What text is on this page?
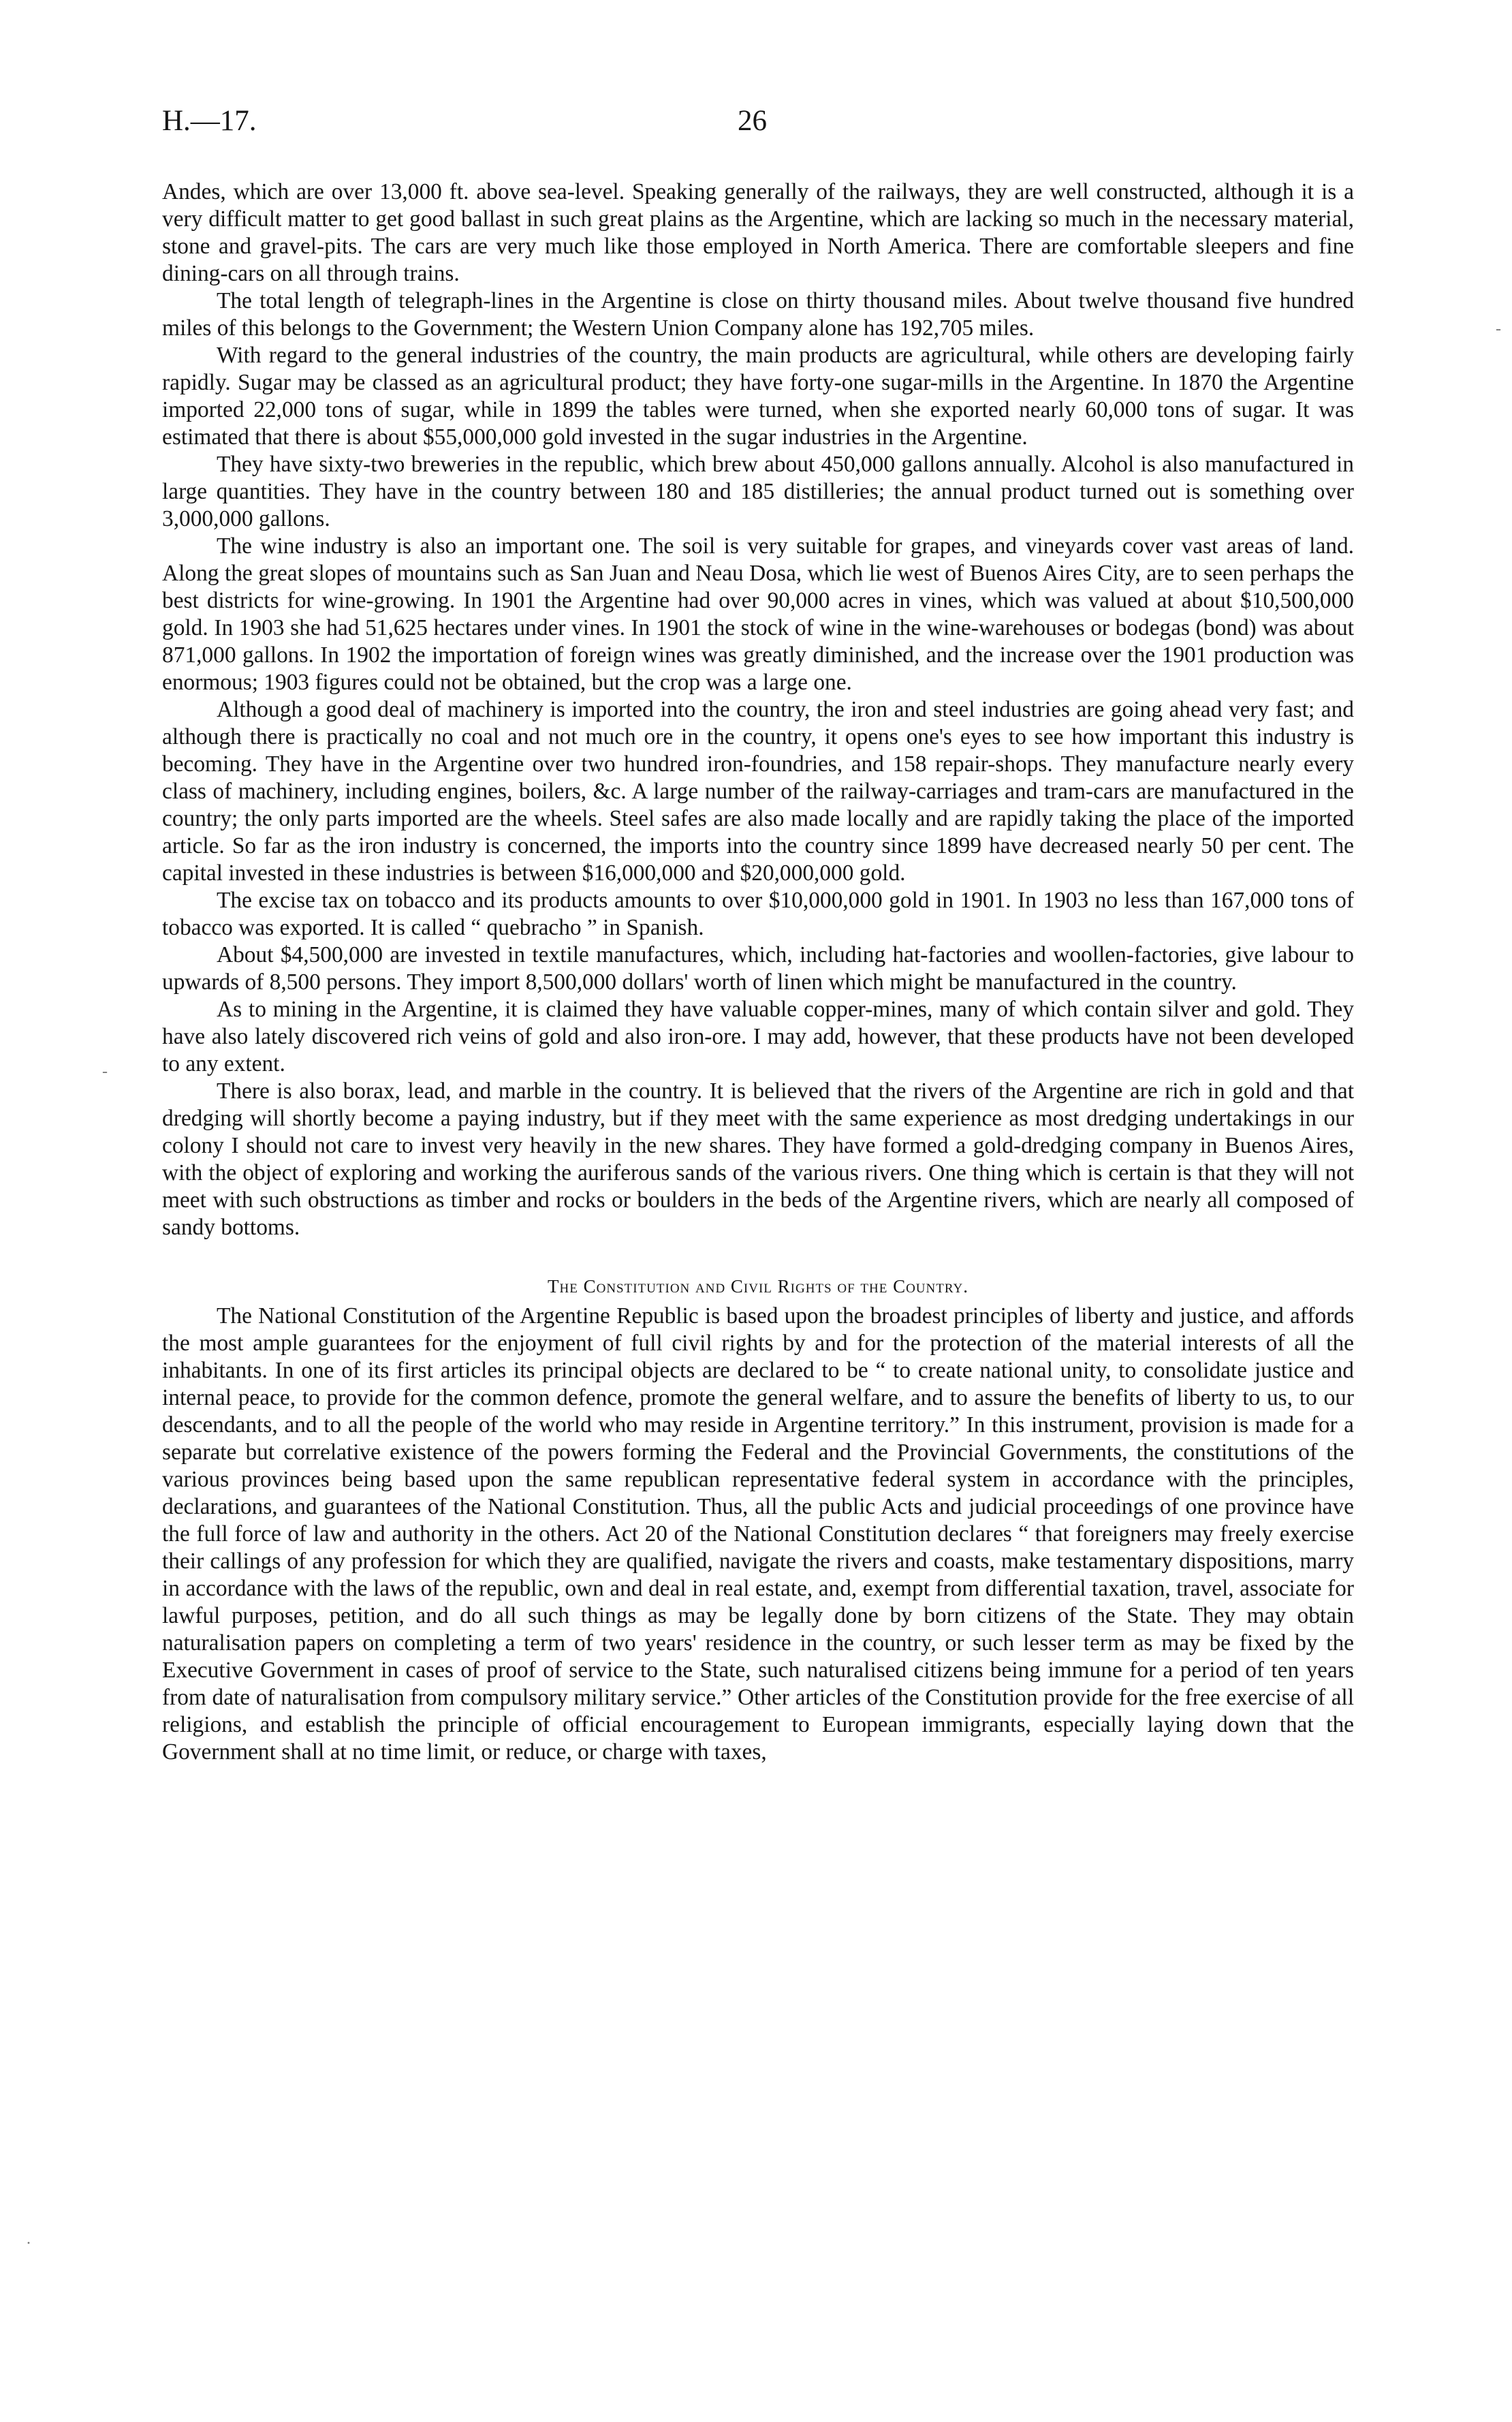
H.—17.	26

Andes, which are over 13,000 ft. above sea-level. Speaking generally of the railways, they are well constructed, although it is a very difficult matter to get good ballast in such great plains as the Argentine, which are lacking so much in the necessary material, stone and gravel-pits. The cars are very much like those employed in North America. There are comfortable sleepers and fine dining-cars on all through trains.

The total length of telegraph-lines in the Argentine is close on thirty thousand miles. About twelve thousand five hundred miles of this belongs to the Government; the Western Union Company alone has 192,705 miles.

With regard to the general industries of the country, the main products are agricultural, while others are developing fairly rapidly. Sugar may be classed as an agricultural product; they have forty-one sugar-mills in the Argentine. In 1870 the Argentine imported 22,000 tons of sugar, while in 1899 the tables were turned, when she exported nearly 60,000 tons of sugar. It was estimated that there is about $55,000,000 gold invested in the sugar industries in the Argentine.

They have sixty-two breweries in the republic, which brew about 450,000 gallons annually. Alcohol is also manufactured in large quantities. They have in the country between 180 and 185 distilleries; the annual product turned out is something over 3,000,000 gallons.

The wine industry is also an important one. The soil is very suitable for grapes, and vineyards cover vast areas of land. Along the great slopes of mountains such as San Juan and Neau Dosa, which lie west of Buenos Aires City, are to seen perhaps the best districts for wine-growing. In 1901 the Argentine had over 90,000 acres in vines, which was valued at about $10,500,000 gold. In 1903 she had 51,625 hectares under vines. In 1901 the stock of wine in the wine-warehouses or bodegas (bond) was about 871,000 gallons. In 1902 the importation of foreign wines was greatly diminished, and the increase over the 1901 production was enormous; 1903 figures could not be obtained, but the crop was a large one.

Although a good deal of machinery is imported into the country, the iron and steel industries are going ahead very fast; and although there is practically no coal and not much ore in the country, it opens one's eyes to see how important this industry is becoming. They have in the Argentine over two hundred iron-foundries, and 158 repair-shops. They manufacture nearly every class of machinery, including engines, boilers, &c. A large number of the railway-carriages and tram-cars are manufactured in the country; the only parts imported are the wheels. Steel safes are also made locally and are rapidly taking the place of the imported article. So far as the iron industry is concerned, the imports into the country since 1899 have decreased nearly 50 per cent. The capital invested in these industries is between $16,000,000 and $20,000,000 gold.

The excise tax on tobacco and its products amounts to over $10,000,000 gold in 1901. In 1903 no less than 167,000 tons of tobacco was exported. It is called “ quebracho ” in Spanish.

About $4,500,000 are invested in textile manufactures, which, including hat-factories and woollen-factories, give labour to upwards of 8,500 persons. They import 8,500,000 dollars' worth of linen which might be manufactured in the country.

As to mining in the Argentine, it is claimed they have valuable copper-mines, many of which contain silver and gold. They have also lately discovered rich veins of gold and also iron-ore. I may add, however, that these products have not been developed to any extent.

There is also borax, lead, and marble in the country. It is believed that the rivers of the Argentine are rich in gold and that dredging will shortly become a paying industry, but if they meet with the same experience as most dredging undertakings in our colony I should not care to invest very heavily in the new shares. They have formed a gold-dredging company in Buenos Aires, with the object of exploring and working the auriferous sands of the various rivers. One thing which is certain is that they will not meet with such obstructions as timber and rocks or boulders in the beds of the Argentine rivers, which are nearly all composed of sandy bottoms.

The Constitution and Civil Rights of the Country.

The National Constitution of the Argentine Republic is based upon the broadest principles of liberty and justice, and affords the most ample guarantees for the enjoyment of full civil rights by and for the protection of the material interests of all the inhabitants. In one of its first articles its principal objects are declared to be “ to create national unity, to consolidate justice and internal peace, to provide for the common defence, promote the general welfare, and to assure the benefits of liberty to us, to our descendants, and to all the people of the world who may reside in Argentine territory.” In this instrument, provision is made for a separate but correlative existence of the powers forming the Federal and the Provincial Governments, the constitutions of the various provinces being based upon the same republican representative federal system in accordance with the principles, declarations, and guarantees of the National Constitution. Thus, all the public Acts and judicial proceedings of one province have the full force of law and authority in the others. Act 20 of the National Constitution declares “ that foreigners may freely exercise their callings of any profession for which they are qualified, navigate the rivers and coasts, make testamentary dispositions, marry in accordance with the laws of the republic, own and deal in real estate, and, exempt from differential taxation, travel, associate for lawful purposes, petition, and do all such things as may be legally done by born citizens of the State. They may obtain naturalisation papers on completing a term of two years' residence in the country, or such lesser term as may be fixed by the Executive Government in cases of proof of service to the State, such naturalised citizens being immune for a period of ten years from date of naturalisation from compulsory military service.” Other articles of the Constitution provide for the free exercise of all religions, and establish the principle of official encouragement to European immigrants, especially laying down that the Government shall at no time limit, or reduce, or charge with taxes,

-
-
·
